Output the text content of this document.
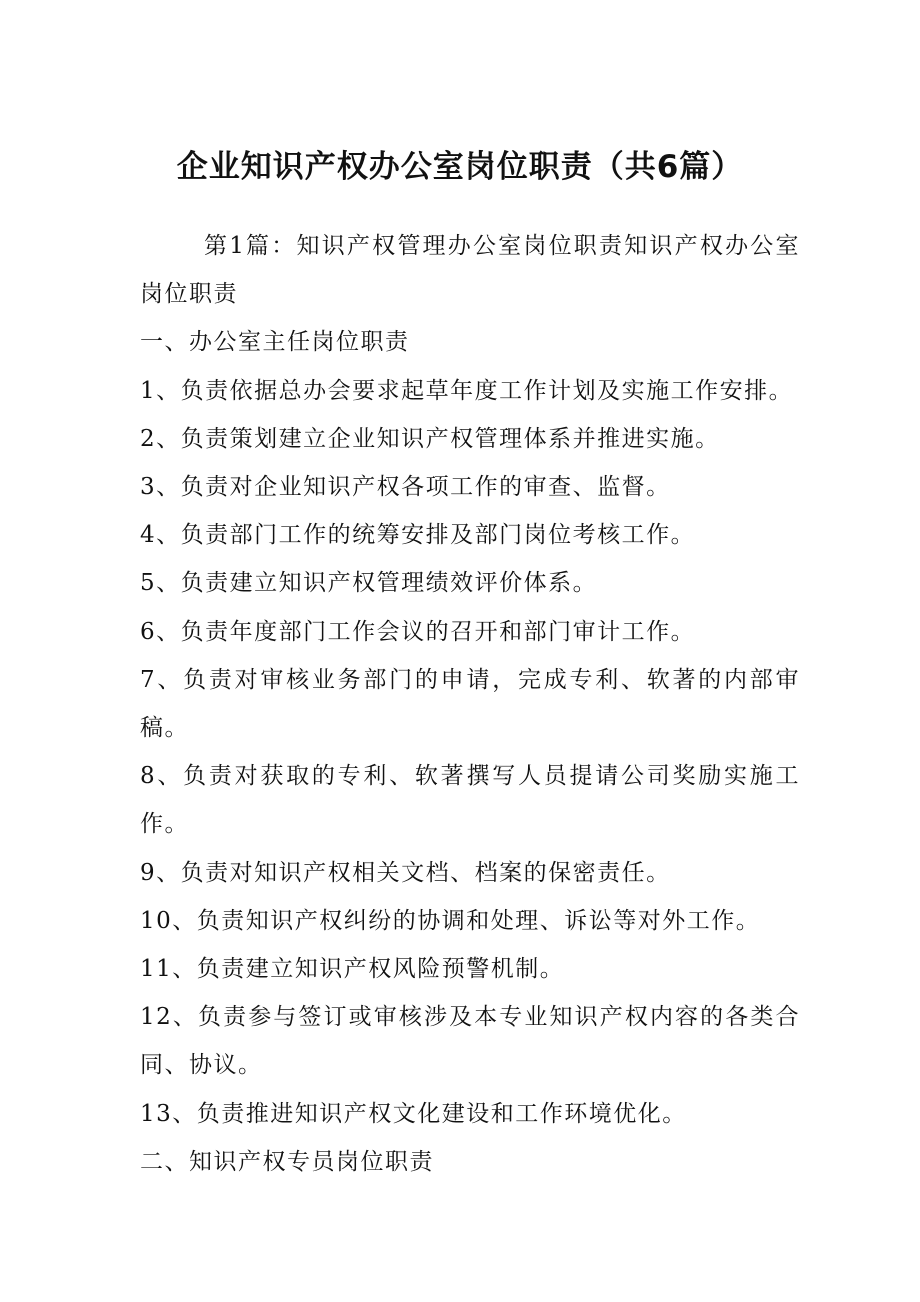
企业知识产权办公室岗位职责（共6篇）

第1篇：知识产权管理办公室岗位职责知识产权办公室岗位职责

一、办公室主任岗位职责

1、负责依据总办会要求起草年度工作计划及实施工作安排。

2、负责策划建立企业知识产权管理体系并推进实施。

3、负责对企业知识产权各项工作的审查、监督。

4、负责部门工作的统筹安排及部门岗位考核工作。

5、负责建立知识产权管理绩效评价体系。

6、负责年度部门工作会议的召开和部门审计工作。

7、负责对审核业务部门的申请，完成专利、软著的内部审稿。

8、负责对获取的专利、软著撰写人员提请公司奖励实施工作。

9、负责对知识产权相关文档、档案的保密责任。

10、负责知识产权纠纷的协调和处理、诉讼等对外工作。

11、负责建立知识产权风险预警机制。

12、负责参与签订或审核涉及本专业知识产权内容的各类合同、协议。

13、负责推进知识产权文化建设和工作环境优化。

二、知识产权专员岗位职责
